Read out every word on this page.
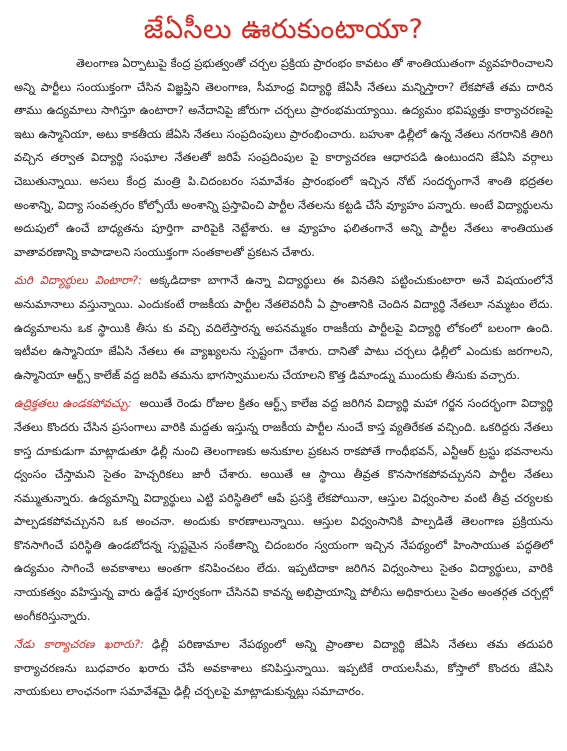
జేఏసీలు ఊరుకుంటాయా?

తెలంగాణ ఏర్పాటుపై కేంద్ర ప్రభుత్వంతో చర్చల ప్రక్రియ ప్రారంభం కావటం తో శాంతియుతంగా వ్యవహరించాలని అన్ని పార్టీలు సంయుక్తంగా చేసిన విజ్ఞప్తిని తెలంగాణ, సీమాంధ్ర విద్యార్థి జేఏసీ నేతలు మన్నిస్తారా? లేకపోతే తమ దారిన తాము ఉద్యమాలు సాగిస్తూ ఉంటారా? అనేదానిపై జోరుగా చర్చలు ప్రారంభమయ్యాయి. ఉద్యమం భవిష్యత్తు కార్యాచరణపై ఇటు ఉస్మానియా, అటు కాకతీయ జేఏసి నేతలు సంప్రదింపులు ప్రారంభించారు. బహుశా ఢిల్లీలో ఉన్న నేతలు నగరానికి తిరిగి వచ్చిన తర్వాత విద్యార్థి సంఘాల నేతలతో జరిపే సంప్రదింపుల పై కార్యాచరణ ఆధారపడి ఉంటుందని జేఏసి వర్గాలు చెబుతున్నాయి. అసలు కేంద్ర మంత్రి పి.చిదంబరం సమావేశం ప్రారంభంలో ఇచ్చిన నోట్ సందర్భంగానే శాంతి భద్రతల అంశాన్ని, విద్యా సంవత్సరం కోల్పోయే అంశాన్ని ప్రస్తావించి పార్టీల నేతలను కట్టడి చేసే వ్యూహం పన్నారు. అంటే విద్యార్థులను అదుపులో ఉంచే బాధ్యతను పూర్తిగా వారిపైకి నెట్టేశారు. ఆ వ్యూహం ఫలితంగానే అన్ని పార్టీల నేతలు శాంతియుత వాతావరణాన్ని కాపాడాలని సంయుక్తంగా సంతకాలతో ప్రకటన చేశారు.

మరి విద్యార్థులు వింటారా?: అక్కడిదాకా బాగానే ఉన్నా విద్యార్థులు ఈ వినతిని పట్టించుకుంటారా అనే విషయంలోనే అనుమానాలు వస్తున్నాయి. ఎందుకంటే రాజకీయ పార్టీల నేతలెవరినీ ఏ ప్రాంతానికి చెందిన విద్యార్థి నేతలూ నమ్మటం లేదు. ఉద్యమాలను ఒక స్థాయికి తీసు కు వచ్చి వదిలేస్తారన్న అపనమ్మకం రాజకీయ పార్టీలపై విద్యార్థి లోకంలో బలంగా ఉంది. ఇటీవల ఉస్మానియా జేఏసి నేతలు ఈ వ్యాఖ్యలను స్పష్టంగా చేశారు. దానితో పాటు చర్చలు ఢిల్లీలో ఎందుకు జరగాలని, ఉస్మానియా ఆర్ట్స్ కాలేజ్ వద్ద జరిపి తమను భాగస్వాములను చేయాలని కొత్త డిమాండ్ను ముందుకు తీసుకు వచ్చారు.

ఉద్రిక్తతలు ఉండకపోవచ్చు: అయితే రెండు రోజుల క్రితం ఆర్ట్స్ కాలేజ వద్ద జరిగిన విద్యార్థి మహా గర్జన సందర్భంగా విద్యార్థి నేతలు కొందరు చేసిన ప్రసంగాలు వారికి మద్దతు ఇస్తున్న రాజకీయ పార్టీల నుంచే కాస్త వ్యతిరేకత వచ్చింది. ఒకరిద్దరు నేతలు కాస్త దూకుడుగా మాట్లాడుతూ ఢిల్లీ నుంచి తెలంగాణకు అనుకూల ప్రకటన రాకపోతే గాంధీభవన్, ఎన్టీఆర్ ట్రస్టు భవనాలను ధ్వంసం చేస్తామని సైతం హెచ్చరికలు జారీ చేశారు. అయితే ఆ స్థాయి తీవ్రత కొనసాగకపోవచ్చునని పార్టీల నేతలు నమ్ముతున్నారు. ఉద్యమాన్ని విద్యార్థులు ఎట్టి పరిస్థితిలో ఆపే ప్రసక్తి లేకపోయినా, ఆస్తుల విధ్వంసాల వంటి తీవ్ర చర్యలకు పాల్పడకపోవచ్చునని ఒక అంచనా. అందుకు కారణాలున్నాయి. ఆస్తుల విధ్వంసానికి పాల్పడితే తెలంగాణ ప్రక్రియను కొనసాగించే పరిస్థితి ఉండబోదన్న స్పష్టమైన సంకేతాన్ని చిదంబరం స్వయంగా ఇచ్చిన నేపథ్యంలో హింసాయుత పద్ధతిలో ఉద్యమం సాగించే అవకాశాలు అంతగా కనిపించటం లేదు. ఇప్పటిదాకా జరిగిన విధ్వంసాలు సైతం విద్యార్థులు, వారికి నాయకత్వం వహిస్తున్న వారు ఉద్దేశ పూర్వకంగా చేసినవి కావన్న అభిప్రాయాన్ని పోలీసు అధికారులు సైతం అంతర్గత చర్చల్లో అంగీకరిస్తున్నారు.

నేడు కార్యాచరణ ఖరారు?: ఢిల్లీ పరిణామాల నేపథ్యంలో అన్ని ప్రాంతాల విద్యార్థి జేఏసి నేతలు తమ తదుపరి కార్యాచరణను బుధవారం ఖరారు చేసే అవకాశాలు కనిపిస్తున్నాయి. ఇప్పటికే రాయలసీమ, కోస్తాలో కొందరు జేఏసి నాయకులు లాంఛనంగా సమావేశమై ఢిల్లీ చర్చలపై మాట్లాడుకున్నట్లు సమాచారం.
